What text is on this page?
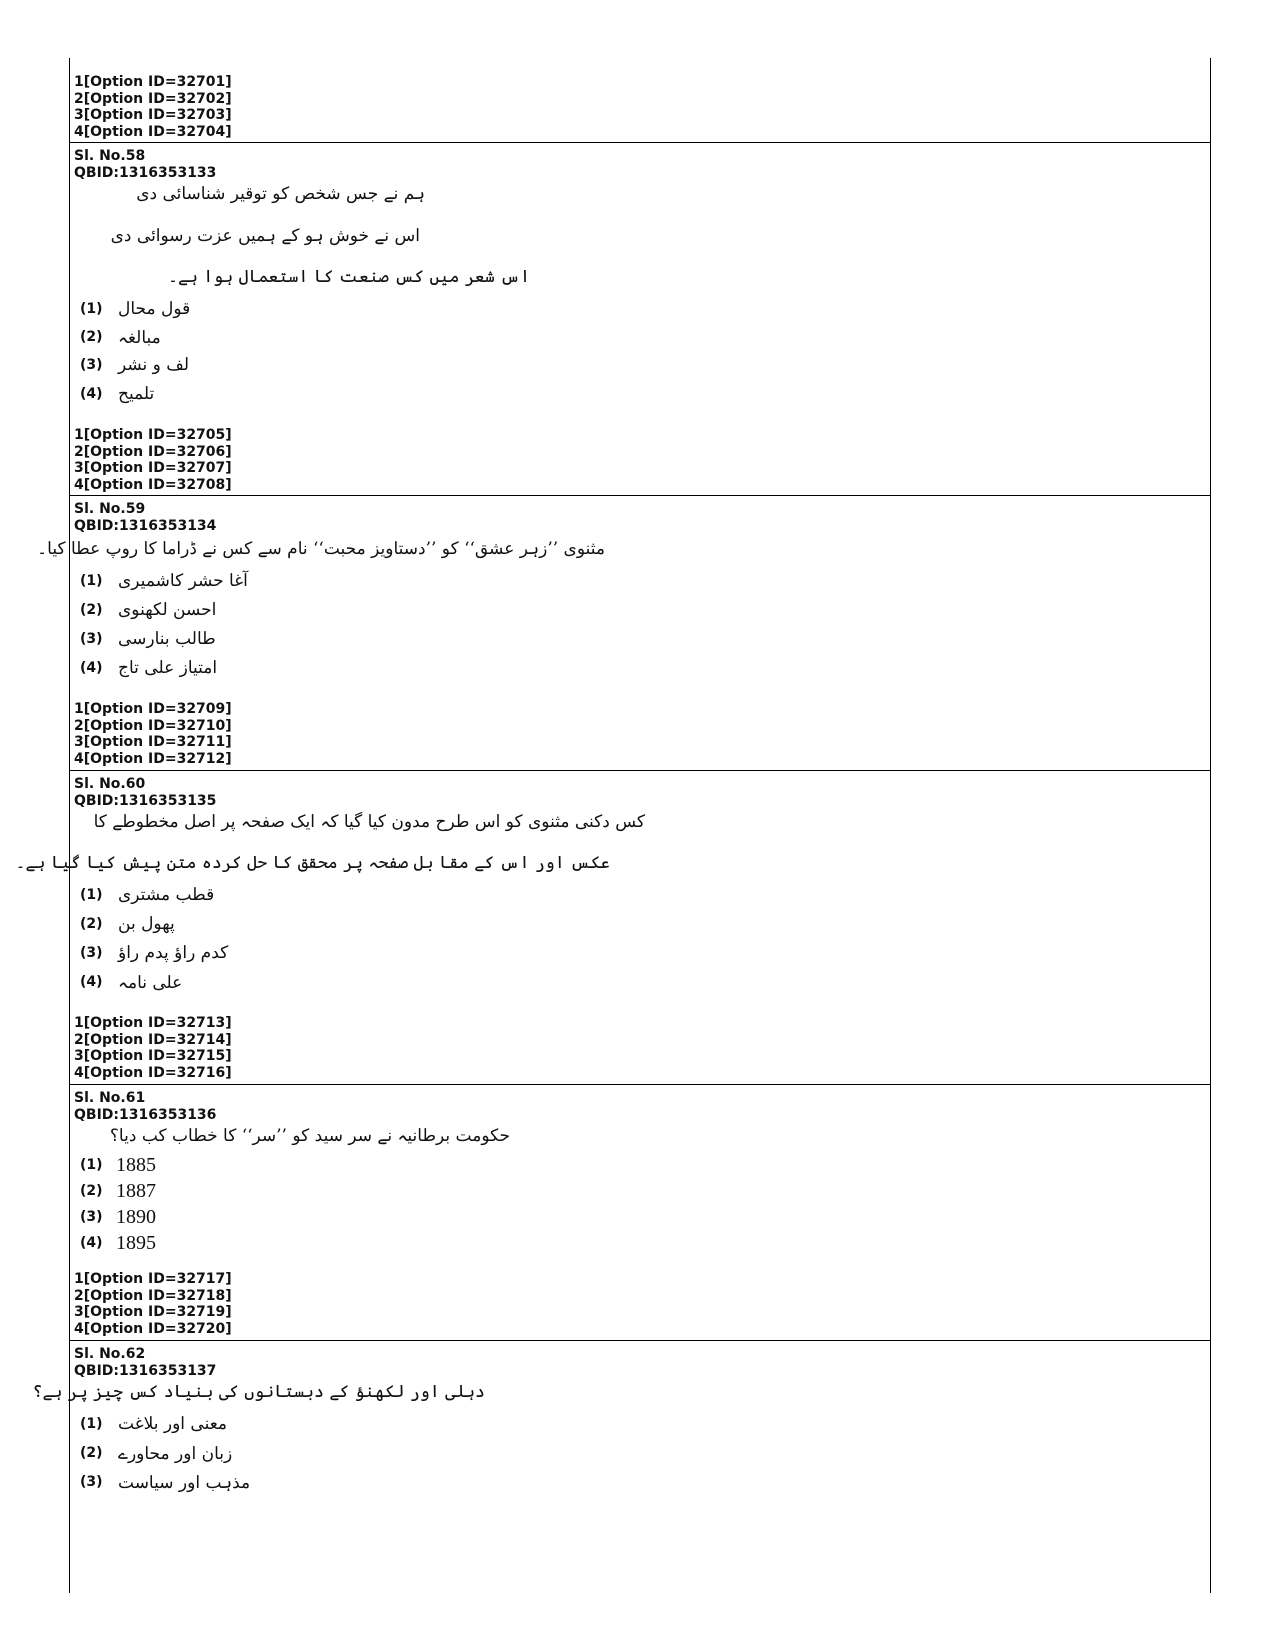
1[Option ID=32701]
2[Option ID=32702]
3[Option ID=32703]
4[Option ID=32704]
Sl. No.58
QBID:1316353133
ہم نے جس شخص کو توقیر شناسائی دی
اس نے خوش ہو کے ہمیں عزت رسوائی دی
اس شعر میں کس صنعت کا استعمال ہوا ہے۔
(1) قول محال
(2) مبالغہ
(3) لف و نشر
(4) تلمیح
1[Option ID=32705]
2[Option ID=32706]
3[Option ID=32707]
4[Option ID=32708]
Sl. No.59
QBID:1316353134
مثنوی ’’زہر عشق‘‘ کو ’’دستاویز محبت‘‘ نام سے کس نے ڈراما کا روپ عطا کیا۔
(1) آغا حشر کاشمیری
(2) احسن لکھنوی
(3) طالب بنارسی
(4) امتیاز علی تاج
1[Option ID=32709]
2[Option ID=32710]
3[Option ID=32711]
4[Option ID=32712]
Sl. No.60
QBID:1316353135
کس دکنی مثنوی کو اس طرح مدون کیا گیا کہ ایک صفحہ پر اصل مخطوطے کا
عکس اور اس کے مقا بل صفحہ پر محقق کا حل کردہ متن پیش کیا گیا ہے۔
(1) قطب مشتری
(2) پھول بن
(3) کدم راؤ پدم راؤ
(4) علی نامہ
1[Option ID=32713]
2[Option ID=32714]
3[Option ID=32715]
4[Option ID=32716]
Sl. No.61
QBID:1316353136
حکومت برطانیہ نے سر سید کو ’’سر‘‘ کا خطاب کب دیا؟
(1) 1885
(2) 1887
(3) 1890
(4) 1895
1[Option ID=32717]
2[Option ID=32718]
3[Option ID=32719]
4[Option ID=32720]
Sl. No.62
QBID:1316353137
دہلی اور لکھنؤ کے دبستانوں کی بنیاد کس چیز پر ہے؟
(1) معنی اور بلاغت
(2) زبان اور محاورے
(3) مذہب اور سیاست
